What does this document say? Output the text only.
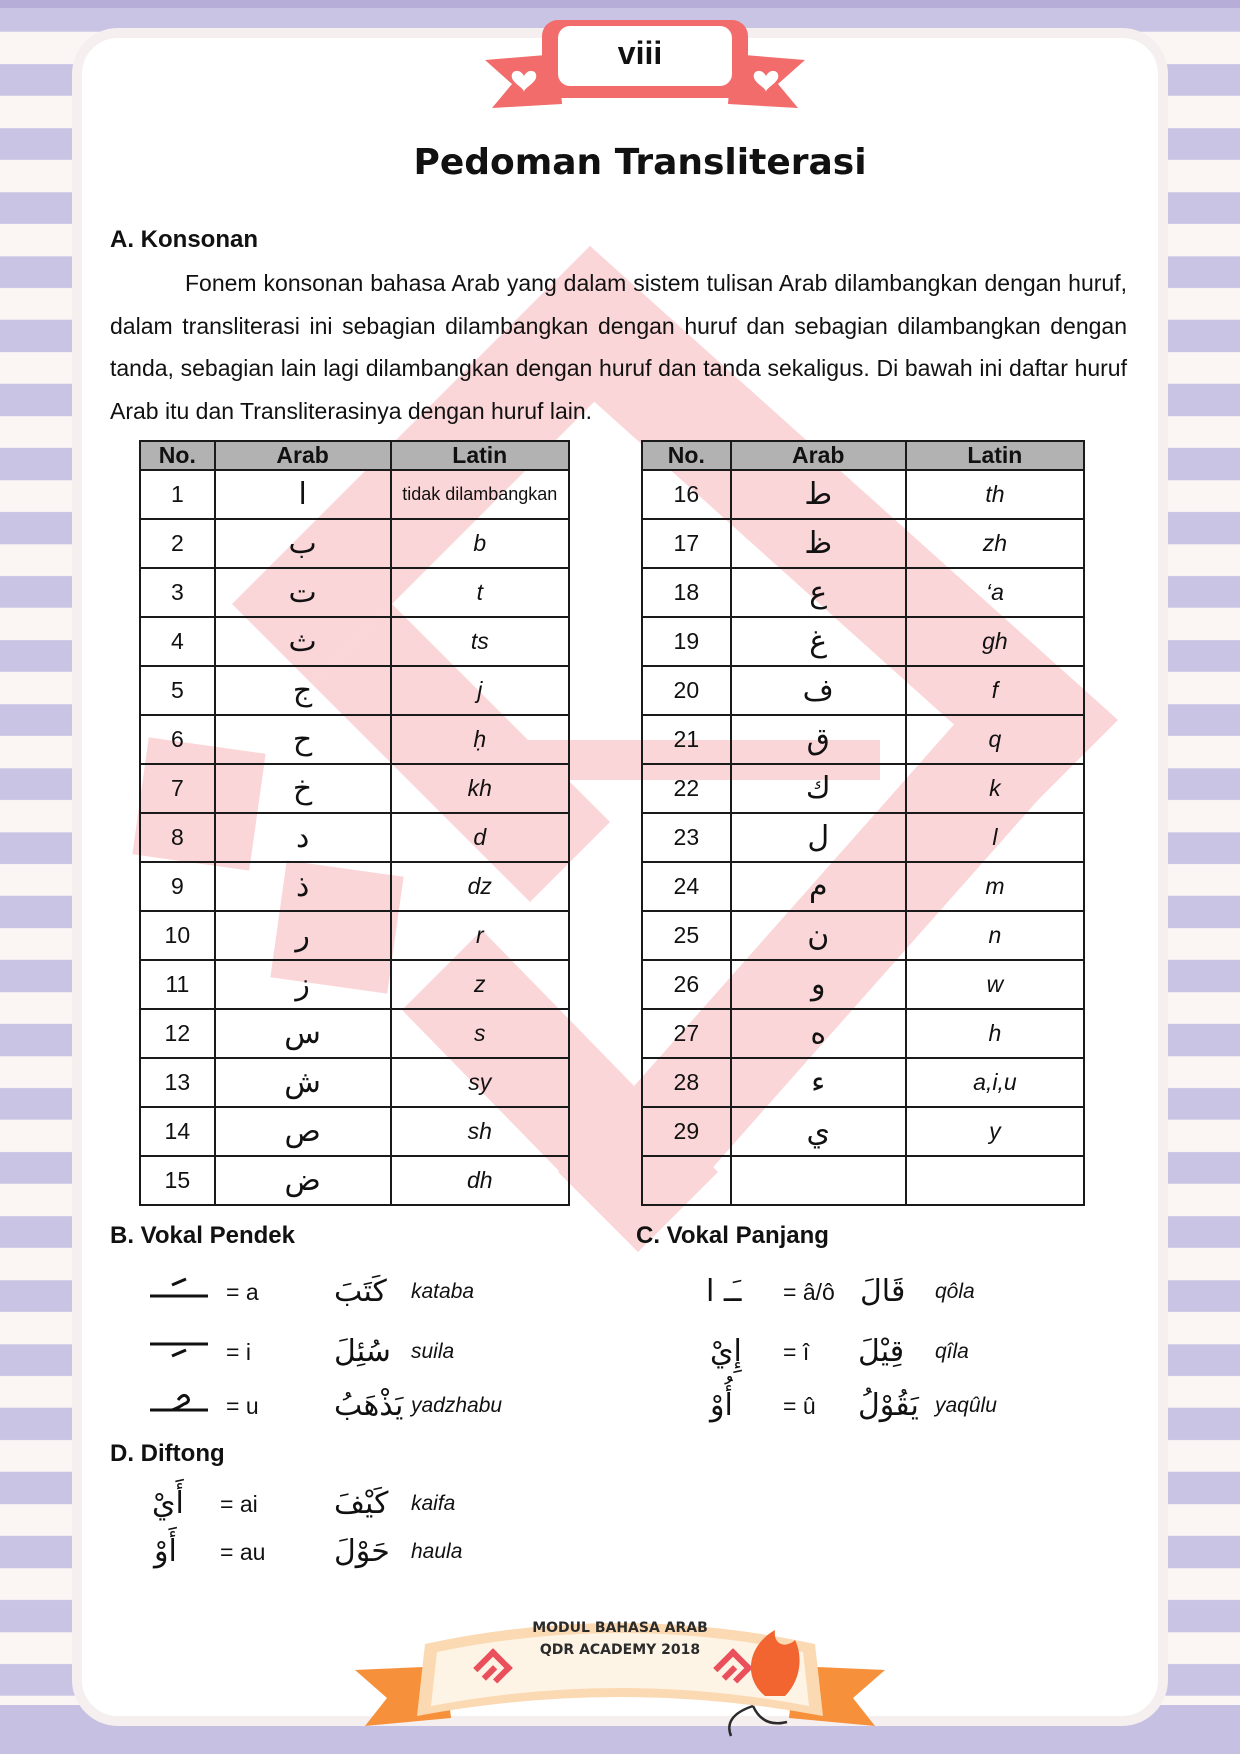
viii
Pedoman Transliterasi
A. Konsonan

Fonem konsonan bahasa Arab yang dalam sistem tulisan Arab dilambangkan dengan huruf, dalam transliterasi ini sebagian dilambangkan dengan huruf dan sebagian dilambangkan dengan tanda, sebagian lain lagi dilambangkan dengan huruf dan tanda sekaligus. Di bawah ini daftar huruf Arab itu dan Transliterasinya dengan huruf lain.

No.	Arab	Latin
1	ا	tidak dilambangkan
2	ب	b
3	ت	t
4	ث	ts
5	ج	j
6	ح	ḥ
7	خ	kh
8	د	d
9	ذ	dz
10	ر	r
11	ز	z
12	س	s
13	ش	sy
14	ص	sh
15	ض	dh
No.	Arab	Latin
16	ط	th
17	ظ	zh
18	ع	‘a
19	غ	gh
20	ف	f
21	ق	q
22	ك	k
23	ل	l
24	م	m
25	ن	n
26	و	w
27	ه	h
28	ء	a,i,u
29	ي	y

B. Vokal Pendek
= a	كَتَبَ kataba
= i	سُئِلَ suila
= u	يَذْهَبُ yadzhabu
C. Vokal Panjang
ـَـ ا = â/ô قَالَ qôla
إِيْ = î قِيْلَ qîla
أُوْ = û يَقُوْلُ yaqûlu
D. Diftong
أَيْ = ai	كَيْفَ kaifa
أَوْ = au حَوْلَ haula
MODUL BAHASA ARAB
QDR ACADEMY 2018
